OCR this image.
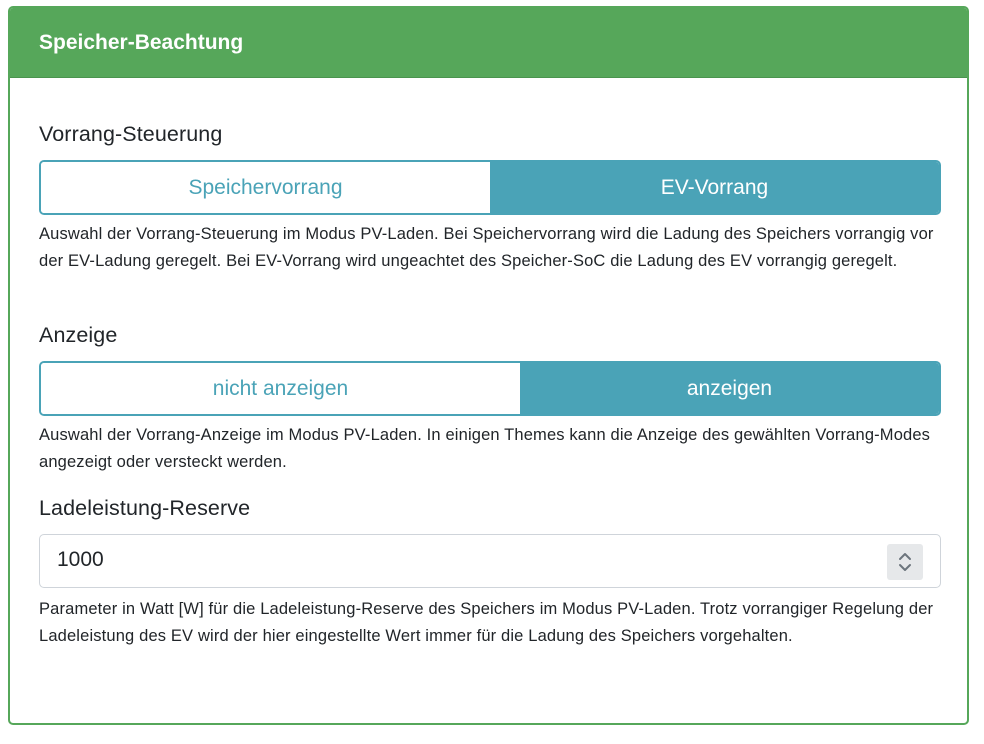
Speicher-Beachtung
Vorrang-Steuerung
Speichervorrang	EV-Vorrang
Auswahl der Vorrang-Steuerung im Modus PV-Laden. Bei Speichervorrang wird die Ladung des Speichers vorrangig vor der EV-Ladung geregelt. Bei EV-Vorrang wird ungeachtet des Speicher-SoC die Ladung des EV vorrangig geregelt.
Anzeige
nicht anzeigen	anzeigen
Auswahl der Vorrang-Anzeige im Modus PV-Laden. In einigen Themes kann die Anzeige des gewählten Vorrang-Modes angezeigt oder versteckt werden.
Ladeleistung-Reserve
1000
Parameter in Watt [W] für die Ladeleistung-Reserve des Speichers im Modus PV-Laden. Trotz vorrangiger Regelung der Ladeleistung des EV wird der hier eingestellte Wert immer für die Ladung des Speichers vorgehalten.
